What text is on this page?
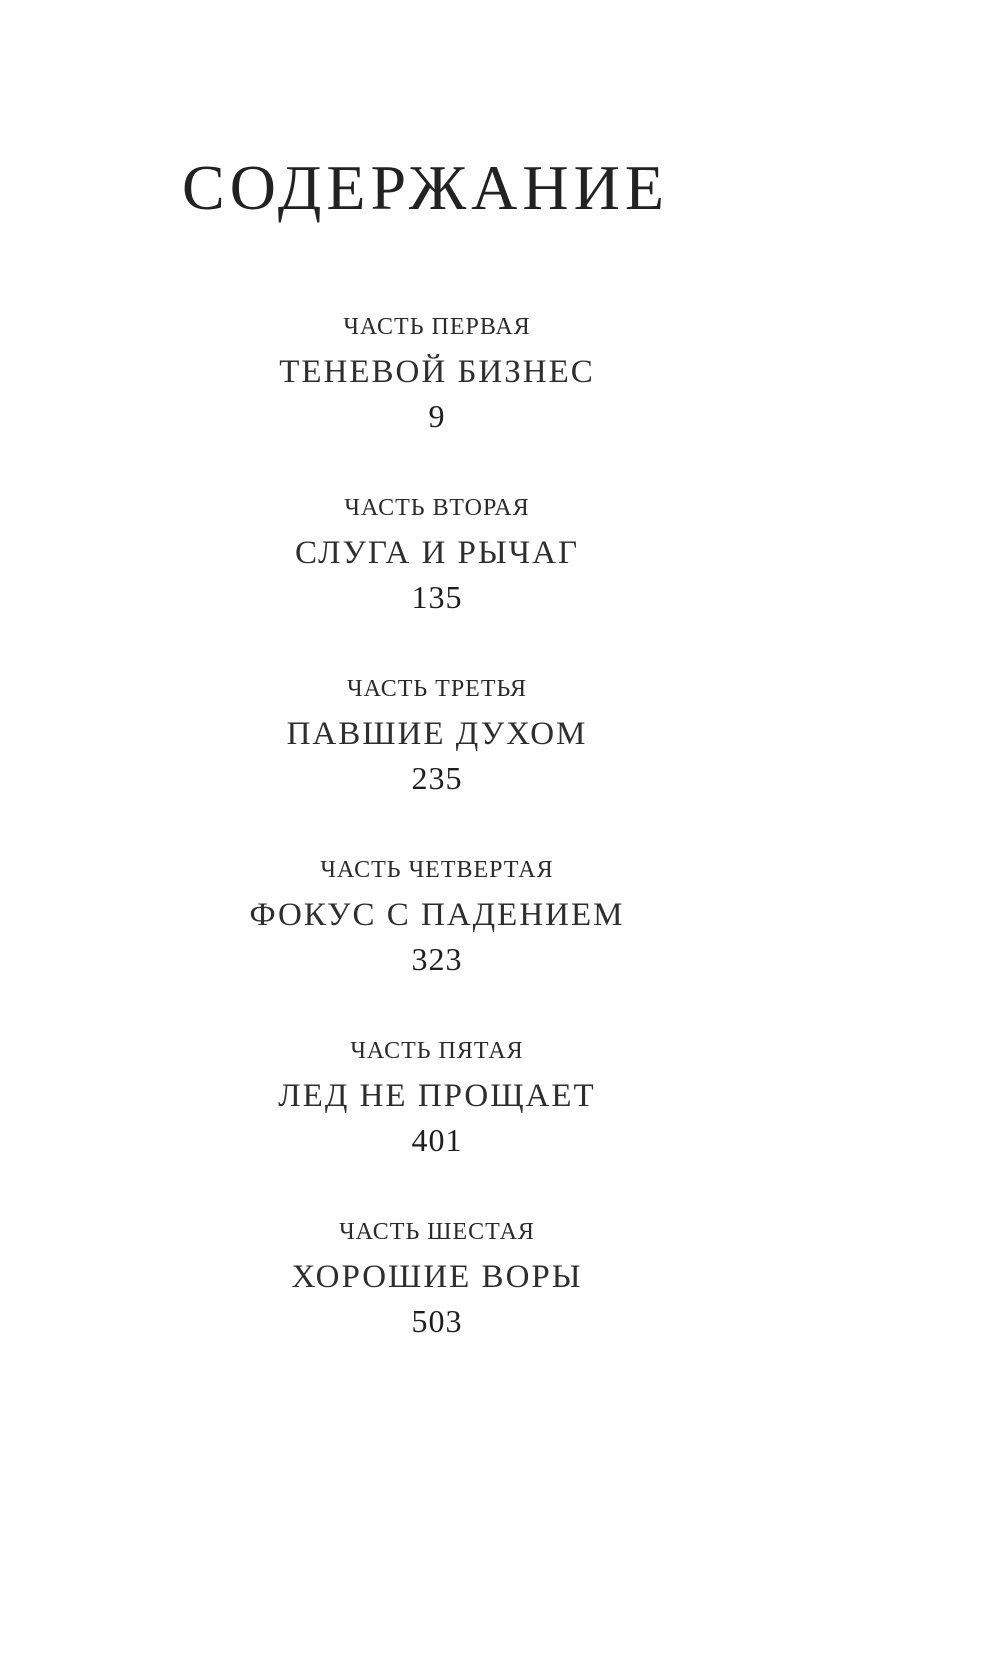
СОДЕРЖАНИЕ
ЧАСТЬ ПЕРВАЯ
ТЕНЕВОЙ БИЗНЕС
9
ЧАСТЬ ВТОРАЯ
СЛУГА И РЫЧАГ
135
ЧАСТЬ ТРЕТЬЯ
ПАВШИЕ ДУХОМ
235
ЧАСТЬ ЧЕТВЕРТАЯ
ФОКУС С ПАДЕНИЕМ
323
ЧАСТЬ ПЯТАЯ
ЛЕД НЕ ПРОЩАЕТ
401
ЧАСТЬ ШЕСТАЯ
ХОРОШИЕ ВОРЫ
503
